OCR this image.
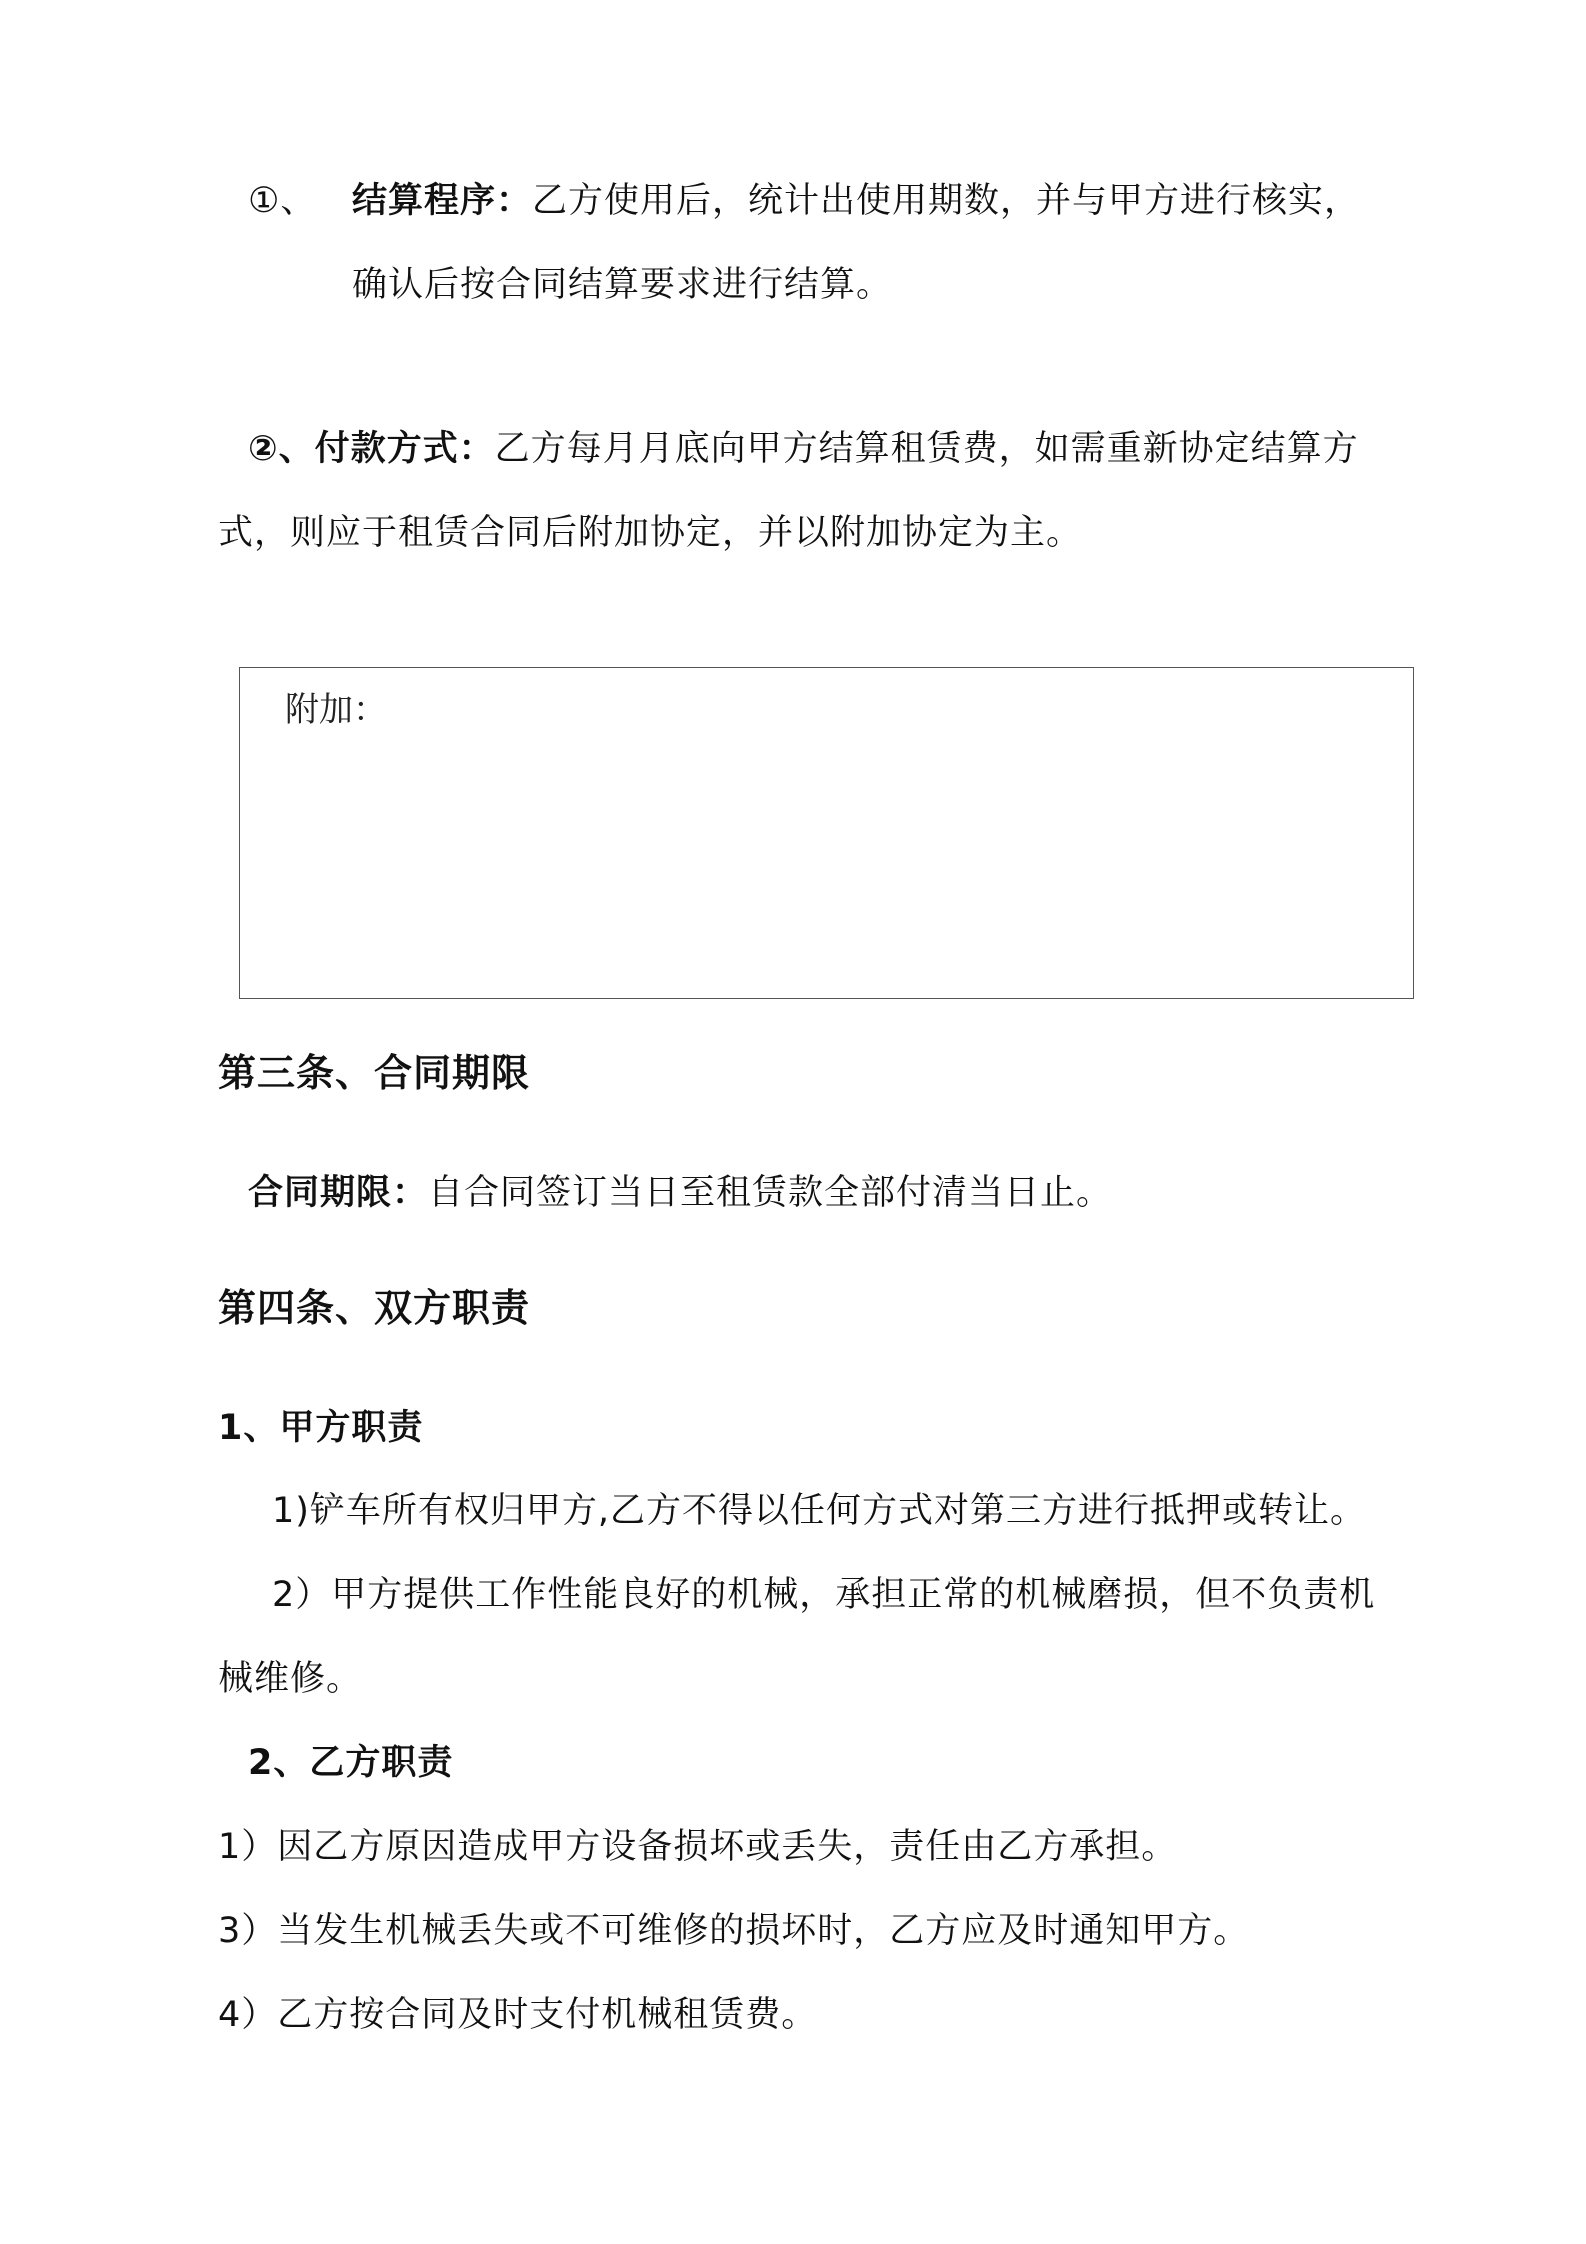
①、 结算程序：乙方使用后，统计出使用期数，并与甲方进行核实，
确认后按合同结算要求进行结算。
②、付款方式：乙方每月月底向甲方结算租赁费，如需重新协定结算方
式，则应于租赁合同后附加协定，并以附加协定为主。
附加：
第三条、合同期限
合同期限：自合同签订当日至租赁款全部付清当日止。
第四条、双方职责
1、甲方职责
1)铲车所有权归甲方,乙方不得以任何方式对第三方进行抵押或转让。
2）甲方提供工作性能良好的机械，承担正常的机械磨损，但不负责机
械维修。
2、乙方职责
1）因乙方原因造成甲方设备损坏或丢失，责任由乙方承担。
3）当发生机械丢失或不可维修的损坏时，乙方应及时通知甲方。
4）乙方按合同及时支付机械租赁费。
